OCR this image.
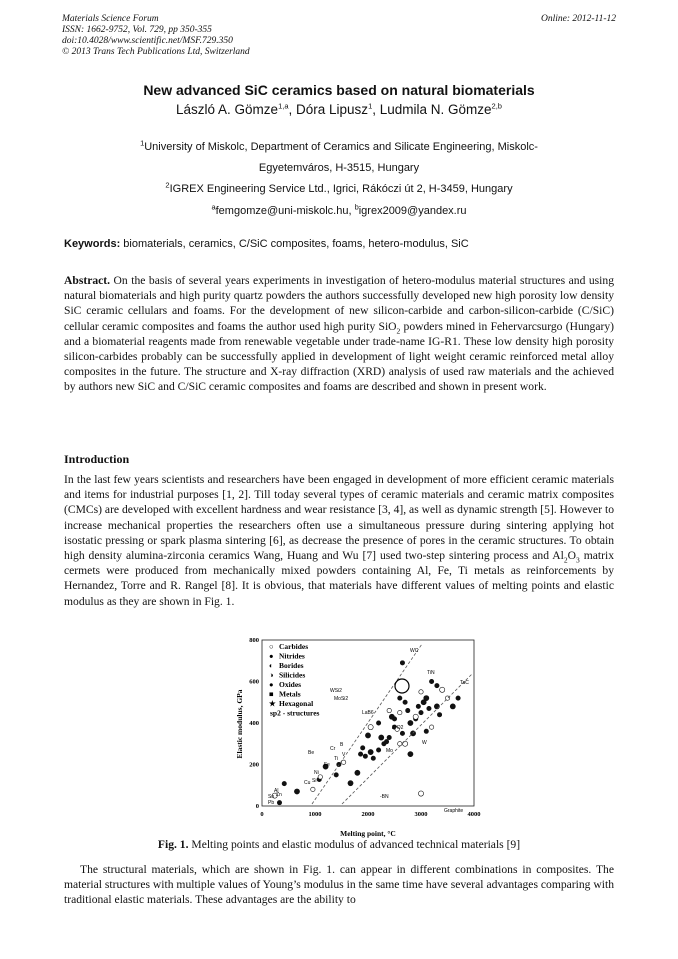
Materials Science Forum
ISSN: 1662-9752, Vol. 729, pp 350-355
doi:10.4028/www.scientific.net/MSF.729.350
© 2013 Trans Tech Publications Ltd, Switzerland
Online: 2012-11-12
New advanced SiC ceramics based on natural biomaterials
László A. Gömze$^{1,a}$, Dóra Lipusz$^1$, Ludmila N. Gömze$^{2,b}$
$^1$University of Miskolc, Department of Ceramics and Silicate Engineering, Miskolc-
Egyetemváros, H-3515, Hungary
$^2$IGREX Engineering Service Ltd., Igrici, Rákóczi út 2, H-3459, Hungary
$^a$femgomze@uni-miskolc.hu, $^b$igrex2009@yandex.ru
Keywords: biomaterials, ceramics, C/SiC composites, foams, hetero-modulus, SiC
Abstract. On the basis of several years experiments in investigation of hetero-modulus material structures and using natural biomaterials and high purity quartz powders the authors successfully developed new high porosity low density SiC ceramic cellulars and foams. For the development of new silicon-carbide and carbon-silicon-carbide (C/SiC) cellular ceramic composites and foams the author used high purity SiO$_2$ powders mined in Fehervarcsurgo (Hungary) and a biomaterial reagents made from renewable vegetable under trade-name IG-R1. These low density high porosity silicon-carbides probably can be successfully applied in development of light weight ceramic reinforced metal alloy composites in the future. The structure and X-ray diffraction (XRD) analysis of used raw materials and the achieved by authors new SiC and C/SiC ceramic composites and foams are described and shown in present work.
Introduction
In the last few years scientists and researchers have been engaged in development of more efficient ceramic materials and items for industrial purposes [1, 2]. Till today several types of ceramic materials and ceramic matrix composites (CMCs) are developed with excellent hardness and wear resistance [3, 4], as well as dynamic strength [5]. However to increase mechanical properties the researchers often use a simultaneous pressure during sintering applying hot isostatic pressing or spark plasma sintering [6], as decrease the presence of pores in the ceramic structures. To obtain high density alumina-zirconia ceramics Wang, Huang and Wu [7] used two-step sintering process and $Al_2O_3$ matrix cermets were produced from mechanically mixed powders containing Al, Fe, Ti metals as reinforcements by Hernandez, Torre and R. Rangel [8]. It is obvious, that materials have different values of melting points and elastic modulus as they are shown in Fig. 1.
0	1000	2000	3000	4000
0
200
400
600
800
○ Carbides
● Nitrides
◐ Borides
◑ Silicides
● Oxides
■ Metals
★ Hexagonal
sp2 - structures
-BN
Graphite
WC
TaC
TiN
MoSi2
WSi2
LaB6
ZrO2
Al
Fe
Ti
Cu
W
Mo
Ni
Cr
V
Sn
Pb
Zn
Be
Si
B
Melting point, °C
Elastic modulus, GPa
Fig. 1. Melting points and elastic modulus of advanced technical materials [9]
The structural materials, which are shown in Fig. 1. can appear in different combinations in composites. The material structures with multiple values of Young’s modulus in the same time have several advantages comparing with traditional elastic materials. These advantages are the ability to
